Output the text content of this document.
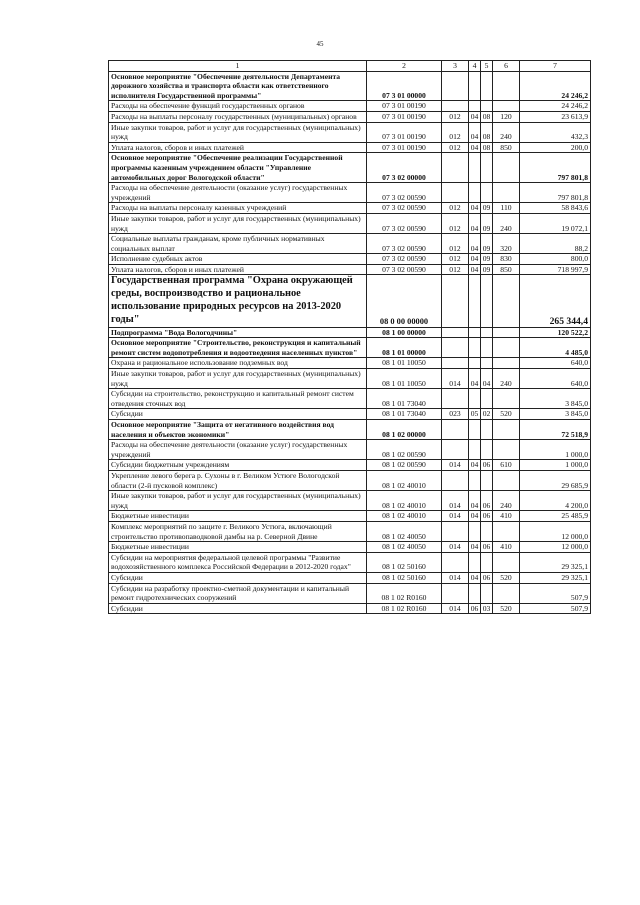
45
1	2	3	4	5	6	7
Основное мероприятие "Обеспечение деятельности Департамента дорожного хозяйства и транспорта области как ответственного исполнителя Государственной программы"	07 3 01 00000					24 246,2
Расходы на обеспечение функций государственных органов	07 3 01 00190					24 246,2
Расходы на выплаты персоналу государственных (муниципальных) органов	07 3 01 00190	012	04	08	120	23 613,9
Иные закупки товаров, работ и услуг для государственных (муниципальных) нужд	07 3 01 00190	012	04	08	240	432,3
Уплата налогов, сборов и иных платежей	07 3 01 00190	012	04	08	850	200,0
Основное мероприятие "Обеспечение реализации Государственной программы казенным учреждением области "Управление автомобильных дорог Вологодской области"	07 3 02 00000					797 801,8
Расходы на обеспечение деятельности (оказание услуг) государственных учреждений	07 3 02 00590					797 801,8
Расходы на выплаты персоналу казенных учреждений	07 3 02 00590	012	04	09	110	58 843,6
Иные закупки товаров, работ и услуг для государственных (муниципальных) нужд	07 3 02 00590	012	04	09	240	19 072,1
Социальные выплаты гражданам, кроме публичных нормативных социальных выплат	07 3 02 00590	012	04	09	320	88,2
Исполнение судебных актов	07 3 02 00590	012	04	09	830	800,0
Уплата налогов, сборов и иных платежей	07 3 02 00590	012	04	09	850	718 997,9
Государственная программа "Охрана окружающей среды, воспроизводство и рациональное использование природных ресурсов на 2013-2020 годы"	08 0 00 00000					265 344,4
Подпрограмма "Вода Вологодчины"	08 1 00 00000					120 522,2
Основное мероприятие "Строительство, реконструкция и капитальный ремонт систем водопотребления и водоотведения населенных пунктов"	08 1 01 00000					4 485,0
Охрана и рациональное использование подземных вод	08 1 01 10050					640,0
Иные закупки товаров, работ и услуг для государственных (муниципальных) нужд	08 1 01 10050	014	04	04	240	640,0
Субсидии на строительство, реконструкцию и капитальный ремонт систем отведения сточных вод	08 1 01 73040					3 845,0
Субсидии	08 1 01 73040	023	05	02	520	3 845,0
Основное мероприятие "Защита от негативного воздействия вод населения и объектов экономики"	08 1 02 00000					72 518,9
Расходы на обеспечение деятельности (оказание услуг) государственных учреждений	08 1 02 00590					1 000,0
Субсидии бюджетным учреждениям	08 1 02 00590	014	04	06	610	1 000,0
Укрепление левого берега р. Сухоны в г. Великом Устюге Вологодской области (2-й пусковой комплекс)	08 1 02 40010					29 685,9
Иные закупки товаров, работ и услуг для государственных (муниципальных) нужд	08 1 02 40010	014	04	06	240	4 200,0
Бюджетные инвестиции	08 1 02 40010	014	04	06	410	25 485,9
Комплекс мероприятий по защите г. Великого Устюга, включающий строительство противопаводковой дамбы на р. Северной Двине	08 1 02 40050					12 000,0
Бюджетные инвестиции	08 1 02 40050	014	04	06	410	12 000,0
Субсидии на мероприятия федеральной целевой программы "Развитие водохозяйственного комплекса Российской Федерации в 2012-2020 годах"	08 1 02 50160					29 325,1
Субсидии	08 1 02 50160	014	04	06	520	29 325,1
Субсидии на разработку проектно-сметной документации и капитальный ремонт гидротехнических сооружений	08 1 02 R0160					507,9
Субсидии	08 1 02 R0160	014	06	03	520	507,9
